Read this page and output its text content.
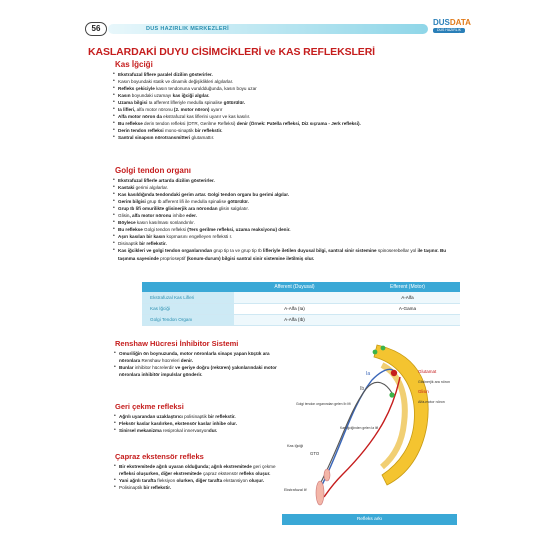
56	DUS HAZIRLIK MERKEZLERİ
DUSDATA
DUS HAZIRLIK MERKEZLERİ
KASLARDAKİ DUYU CİSİMCİKLERİ ve KAS REFLEKSLERİ
Kas İğciği
• Ekstrafuzal liflere paralel dizilim gösterirler.
• Kasın boyundaki statik ve dinamik değişiklikleri algılarlar.
• Refleks çekiciyle kasın tendonuna vuruldduğunda, kasın boyu uzar
• Kasın boyundaki uzamayı kas iğciği algılar.
• Uzama bilgisi Ia afferent lifleriyle medulla spinalise götürülür.
• Ia lifleri, alfa motor nöronu (2. motor nöron) uyarır
• Alfa motor nöron da ekstrafuzal kas liflerini uyarır ve kas kasılır.
• Bu refleksе derin tendon refleksi (DTR, Gerilme Refleksi) denir (Örnek: Patella refleksi, Diz sıçrama - Jerk refleksi).
• Derin tendon refleksi mono-sinaptik bir reflekstir.
• Santral sinapsın nörotransmitteri glutamattır.
Golgi tendon organı
• Ekstrafuzal liflerle artarda dizilim gösterirler.
• Kastaki gerimi algılarlar.
• Kas kasıldığında tendondaki gerim artar. Golgi tendon organı bu gerimi algılar.
• Gerim bilgisi grup Ib afferent lifi ile medulla spinalise götürülür.
• Grup Ib lifi omurilikte glisinerjik ara nörondan glisin salgılatır.
• Glisin, alfa motor nöronu inhibe eder.
• Böylece kasın kasılması sonlandırılır.
• Bu refleksе Golgi tendon refleksi (Ters gerilme refleksi, uzama reaksiyonu) denir.
• Aşırı kasılan bir kasın kopmasını engelleyen refleksti r.
• Disinaptik bir reflekstir.
• Kas iğcikleri ve golgi tendon organlarından grup tip Ia ve grup tip Ib lifleriyle iletilen duyusal bilgi, santral sinir sistemine spinoserebellar yol ile taşınır. Bu taşınma sayesinde proprioseptif (konum-durum) bilgisi santral sinir sistemine iletilmiş olur.
	Afferent (Duyusal)	Efferent (Motor)
Ekstrafuzal Kas Lifleri		A-Alfa
Kas İğciği	A-Alfa (Ia)	A-Gama
Golgi Tendon Organı	A-Alfa (Ib)	
Renshaw Hücresi İnhibitor Sistemi
• Omuriliğin ön boynuzunda, motor nöronlarla sinaps yapan küçük ara nöronlara Renshaw hücreleri denir.
• Bunlar inhibitor hücrelerdir ve geriye doğru (reküren) yakınlarındaki motor nöronlara inhibitör impulslar gönderir.
Geri çekme refleksi
• Ağrılı uyarandan uzaklaştırıcı polisinaptik bir reflekstir.
• Fleksör kaslar kasılırken, ekstensör kaslar inhibe olur.
• Sinirsel mekanizma resiprokal innervasyondur.
Çapraz ekstensör refleks
• Bir ekstremitede ağrılı uyaran olduğunda; ağrılı ekstremitede geri çekme refleksi oluşurken, diğer ekstremitede çapraz ekstensör refleks oluşur.
• Yani ağrılı tarafta fleksiyon olurken, diğer tarafta ekstansiyon oluşur.
• Polisinaptik bir reflekstir.
Ia
Ib
Glutamat
Glisinerjik ara nöron
Glisin
Alfa-motor nöron
Golgi tendon organından gelen Ib lifi
Kas iğciğinden gelen Ia lifi
GTO
Kas iğciği
Ekstrafuzal lif
Refleks arkı
